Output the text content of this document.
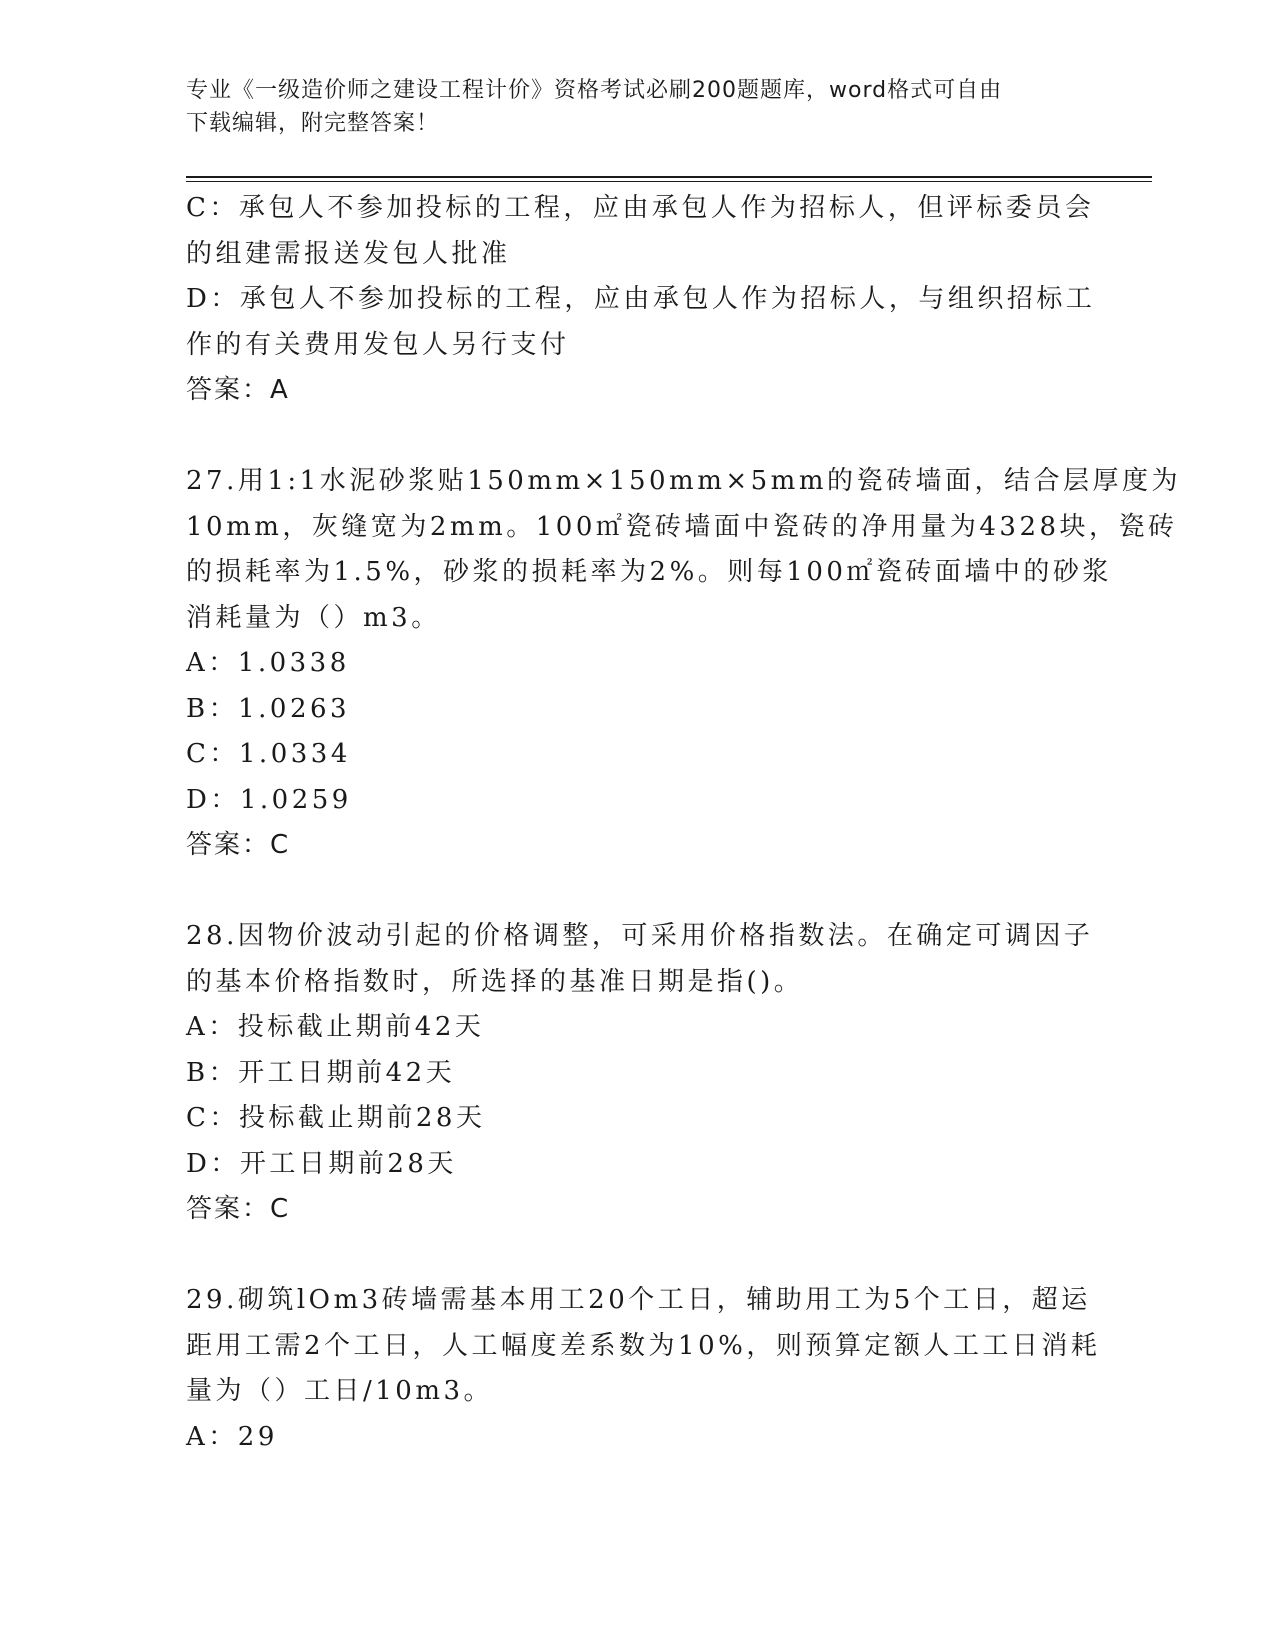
专业《一级造价师之建设工程计价》资格考试必刷200题题库，word格式可自由
下载编辑，附完整答案！
C：承包人不参加投标的工程，应由承包人作为招标人，但评标委员会
的组建需报送发包人批准
D：承包人不参加投标的工程，应由承包人作为招标人，与组织招标工
作的有关费用发包人另行支付
答案：A
27.用1:1水泥砂浆贴150mm×150mm×5mm的瓷砖墙面，结合层厚度为
10mm，灰缝宽为2mm。100㎡瓷砖墙面中瓷砖的净用量为4328块，瓷砖
的损耗率为1.5%，砂浆的损耗率为2%。则每100㎡瓷砖面墙中的砂浆
消耗量为（）m3。
A：1.0338
B：1.0263
C：1.0334
D：1.0259
答案：C
28.因物价波动引起的价格调整，可采用价格指数法。在确定可调因子
的基本价格指数时，所选择的基准日期是指()。
A：投标截止期前42天
B：开工日期前42天
C：投标截止期前28天
D：开工日期前28天
答案：C
29.砌筑lOm3砖墙需基本用工20个工日，辅助用工为5个工日，超运
距用工需2个工日，人工幅度差系数为10%，则预算定额人工工日消耗
量为（）工日/10m3。
A：29
